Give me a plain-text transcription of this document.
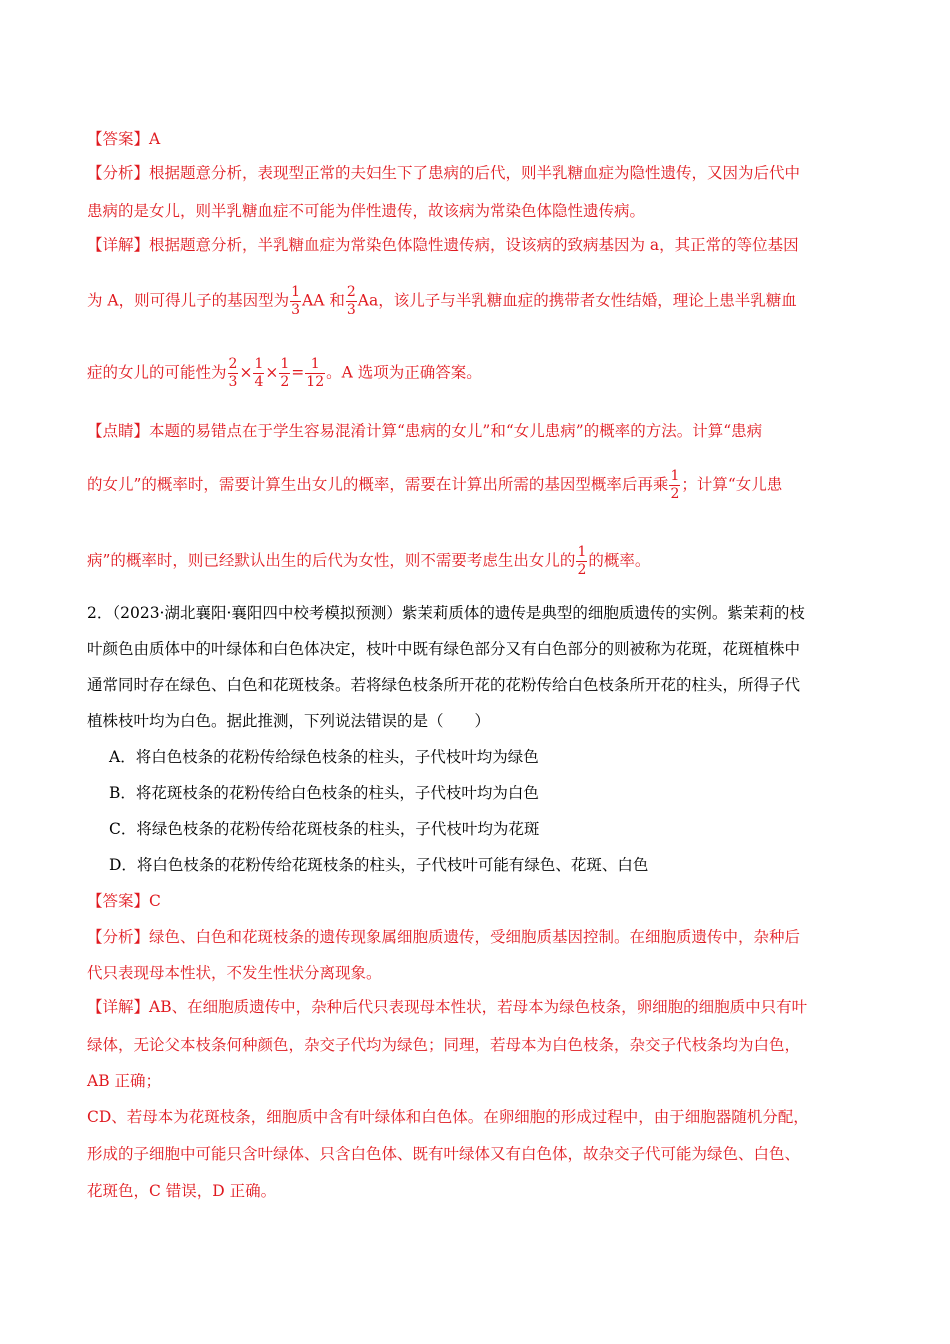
【答案】A
【分析】根据题意分析，表现型正常的夫妇生下了患病的后代，则半乳糖血症为隐性遗传，又因为后代中
患病的是女儿，则半乳糖血症不可能为伴性遗传，故该病为常染色体隐性遗传病。
【详解】根据题意分析，半乳糖血症为常染色体隐性遗传病，设该病的致病基因为 a，其正常的等位基因
为 A，则可得儿子的基因型为 $\frac{1}{3}$ AA 和 $\frac{2}{3}$ Aa，该儿子与半乳糖血症的携带者女性结婚，理论上患半乳糖血
症的女儿的可能性为 $\frac{2}{3} \times \frac{1}{4} \times \frac{1}{2} = \frac{1}{12}$ 。A 选项为正确答案。
【点睛】本题的易错点在于学生容易混淆计算“患病的女儿”和“女儿患病”的概率的方法。计算“患病
的女儿”的概率时，需要计算生出女儿的概率，需要在计算出所需的基因型概率后再乘 $\frac{1}{2}$ ；计算“女儿患
病”的概率时，则已经默认出生的后代为女性，则不需要考虑生出女儿的 $\frac{1}{2}$ 的概率。
2．（2023·湖北襄阳·襄阳四中校考模拟预测）紫茉莉质体的遗传是典型的细胞质遗传的实例。紫茉莉的枝
叶颜色由质体中的叶绿体和白色体决定，枝叶中既有绿色部分又有白色部分的则被称为花斑，花斑植株中
通常同时存在绿色、白色和花斑枝条。若将绿色枝条所开花的花粉传给白色枝条所开花的柱头，所得子代
植株枝叶均为白色。据此推测，下列说法错误的是（　　）
A．将白色枝条的花粉传给绿色枝条的柱头，子代枝叶均为绿色
B．将花斑枝条的花粉传给白色枝条的柱头，子代枝叶均为白色
C．将绿色枝条的花粉传给花斑枝条的柱头，子代枝叶均为花斑
D．将白色枝条的花粉传给花斑枝条的柱头，子代枝叶可能有绿色、花斑、白色
【答案】C
【分析】绿色、白色和花斑枝条的遗传现象属细胞质遗传，受细胞质基因控制。在细胞质遗传中，杂种后
代只表现母本性状，不发生性状分离现象。
【详解】AB、在细胞质遗传中，杂种后代只表现母本性状，若母本为绿色枝条，卵细胞的细胞质中只有叶
绿体，无论父本枝条何种颜色，杂交子代均为绿色；同理，若母本为白色枝条，杂交子代枝条均为白色，
AB 正确；
CD、若母本为花斑枝条，细胞质中含有叶绿体和白色体。在卵细胞的形成过程中，由于细胞器随机分配，
形成的子细胞中可能只含叶绿体、只含白色体、既有叶绿体又有白色体，故杂交子代可能为绿色、白色、
花斑色，C 错误，D 正确。
